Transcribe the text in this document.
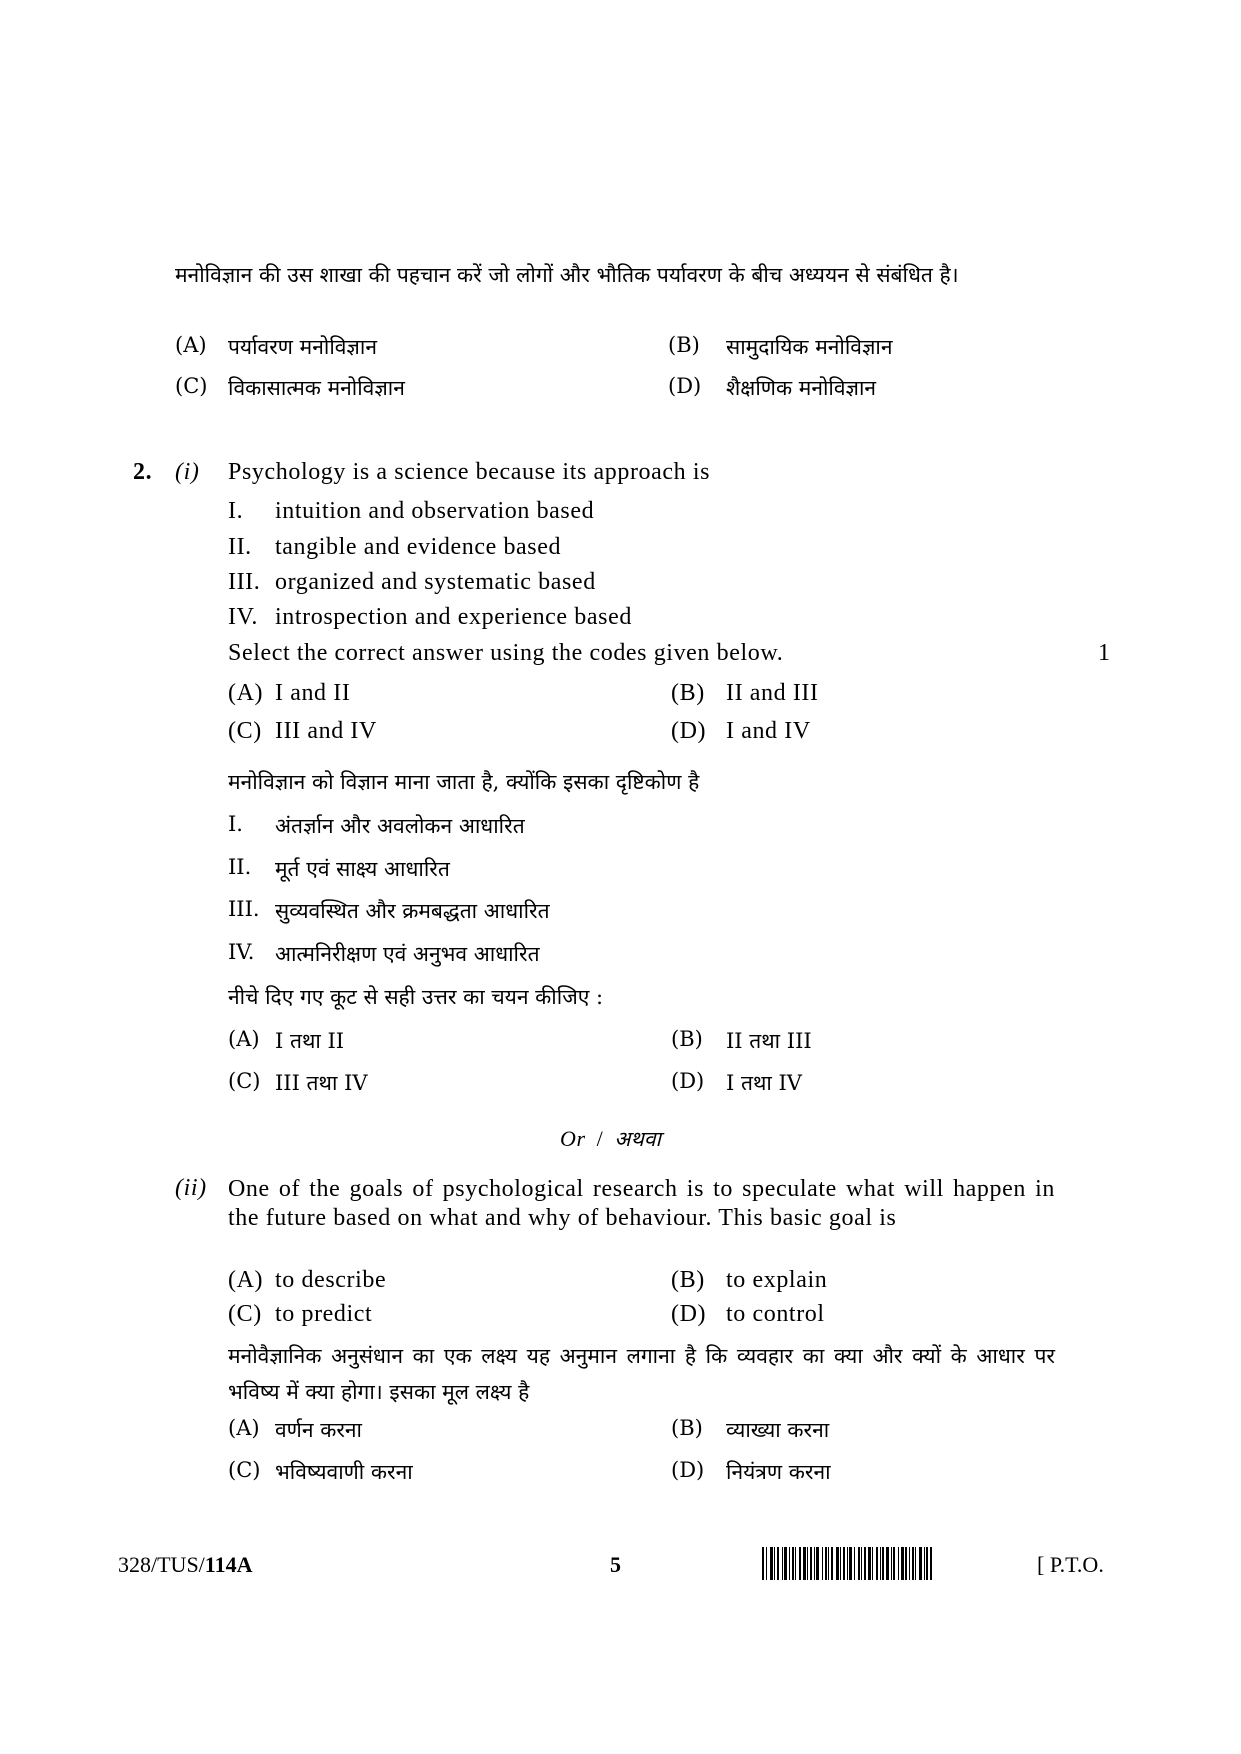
मनोविज्ञान की उस शाखा की पहचान करें जो लोगों और भौतिक पर्यावरण के बीच अध्ययन से संबंधित है।
(A) पर्यावरण मनोविज्ञान	(B) सामुदायिक मनोविज्ञान
(C) विकासात्मक मनोविज्ञान	(D) शैक्षणिक मनोविज्ञान
2. (i) Psychology is a science because its approach is
I. intuition and observation based
II. tangible and evidence based
III. organized and systematic based
IV. introspection and experience based
Select the correct answer using the codes given below.	1
(A) I and II	(B) II and III
(C) III and IV	(D) I and IV
मनोविज्ञान को विज्ञान माना जाता है, क्योंकि इसका दृष्टिकोण है
I. अंतर्ज्ञान और अवलोकन आधारित
II. मूर्त एवं साक्ष्य आधारित
III. सुव्यवस्थित और क्रमबद्धता आधारित
IV. आत्मनिरीक्षण एवं अनुभव आधारित
नीचे दिए गए कूट से सही उत्तर का चयन कीजिए :
(A) I तथा II	(B) II तथा III
(C) III तथा IV	(D) I तथा IV
Or / अथवा
(ii) One of the goals of psychological research is to speculate what will happen in the future based on what and why of behaviour. This basic goal is
(A) to describe	(B) to explain
(C) to predict	(D) to control
मनोवैज्ञानिक अनुसंधान का एक लक्ष्य यह अनुमान लगाना है कि व्यवहार का क्या और क्यों के आधार पर भविष्य में क्या होगा। इसका मूल लक्ष्य है
(A) वर्णन करना	(B) व्याख्या करना
(C) भविष्यवाणी करना	(D) नियंत्रण करना
328/TUS/114A	5	[ P.T.O.
